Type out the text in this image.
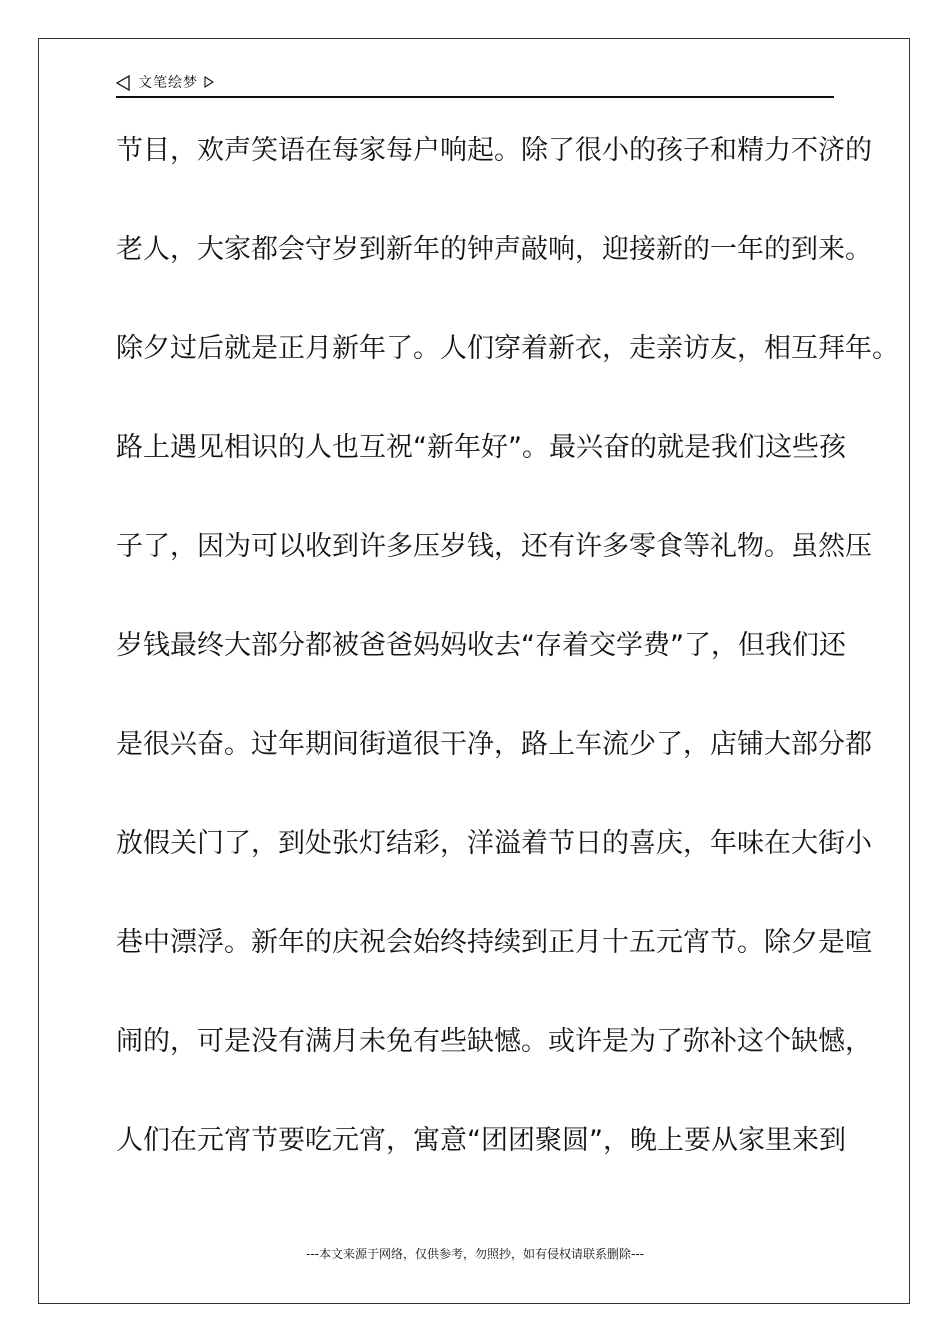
文笔绘梦
节目，欢声笑语在每家每户响起。除了很小的孩子和精力不济的
老人，大家都会守岁到新年的钟声敲响，迎接新的一年的到来。
除夕过后就是正月新年了。人们穿着新衣，走亲访友，相互拜年。
路上遇见相识的人也互祝“新年好”。最兴奋的就是我们这些孩
子了，因为可以收到许多压岁钱，还有许多零食等礼物。虽然压
岁钱最终大部分都被爸爸妈妈收去“存着交学费”了，但我们还
是很兴奋。过年期间街道很干净，路上车流少了，店铺大部分都
放假关门了，到处张灯结彩，洋溢着节日的喜庆，年味在大街小
巷中漂浮。新年的庆祝会始终持续到正月十五元宵节。除夕是喧
闹的，可是没有满月未免有些缺憾。或许是为了弥补这个缺憾，
人们在元宵节要吃元宵，寓意“团团聚圆”，晚上要从家里来到
---本文来源于网络，仅供参考，勿照抄，如有侵权请联系删除---
